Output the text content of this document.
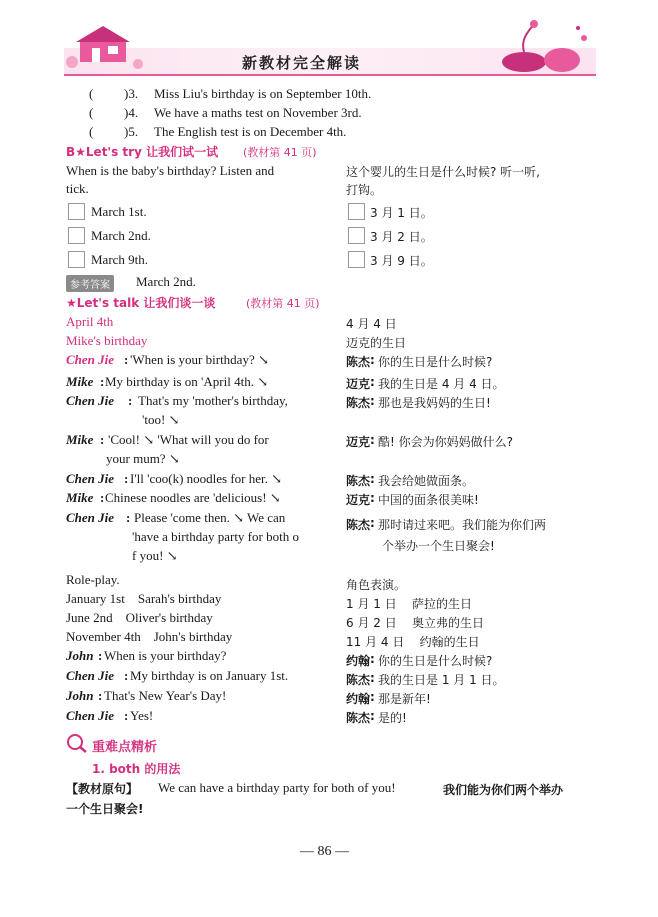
新教材完全解读
( )3. Miss Liu's birthday is on September 10th.
( )4. We have a maths test on November 3rd.
( )5. The English test is on December 4th.
B★Let's try 让我们试一试 (教材第 41 页)
When is the baby's birthday? Listen and
tick.
这个婴儿的生日是什么时候? 听一听,
打钩。
March 1st.
March 2nd.
March 9th.
3 月 1 日。
3 月 2 日。
3 月 9 日。
参考答案	March 2nd.
★Let's talk 让我们谈一谈	(教材第 41 页)
April 4th
Mike's birthday
4 月 4 日
迈克的生日
Chen Jie : 'When is your birthday? ↘	陈杰 : 你的生日是什么时候?
Mike : My birthday is on 'April 4th. ↘	迈克 : 我的生日是 4 月 4 日。
Chen Jie : That's my 'mother's birthday,
'too! ↘
陈杰 : 那也是我妈妈的生日!
Mike : 'Cool! ↘ 'What will you do for
your mum? ↘
迈克 : 酷! 你会为你妈妈做什么?
Chen Jie : I'll 'coo(k) noodles for her. ↘	陈杰 : 我会给她做面条。
Mike : Chinese noodles are 'delicious! ↘	迈克 : 中国的面条很美味!
Chen Jie : Please 'come then. ↘ We can
'have a birthday party for both o
f you! ↘
陈杰 : 那时请过来吧。我们能为你们两
个举办一个生日聚会!
Role-play.	角色表演。
January 1st    Sarah's birthday	1 月 1 日    萨拉的生日
June 2nd    Oliver's birthday	6 月 2 日    奥立弗的生日
November 4th    John's birthday	11 月 4 日    约翰的生日
John : When is your birthday?	约翰 : 你的生日是什么时候?
Chen Jie : My birthday is on January 1st.	陈杰 : 我的生日是 1 月 1 日。
John : That's New Year's Day!	约翰 : 那是新年!
Chen Jie : Yes!	陈杰 : 是的!
重难点精析
1. both 的用法
【教材原句】 We can have a birthday party for both of you!	我们能为你们两个举办
一个生日聚会!
— 86 —
